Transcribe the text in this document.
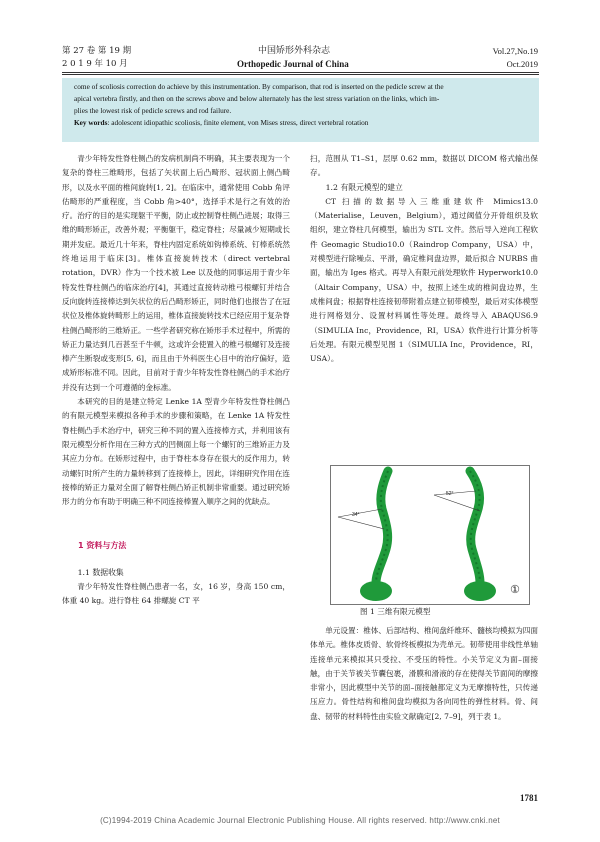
第 27 卷 第 19 期
2 0 1 9 年 10 月
中国矫形外科杂志
Orthopedic Journal of China
Vol.27,No.19
Oct.2019

come of scoliosis correction do achieve by this instrumentation. By comparison, that rod is inserted on the pedicle screw at the

apical vertebra firstly, and then on the screws above and below alternately has the lest stress variation on the links, which im-

plies the lowest risk of pedicle screws and rod failure.

Key words: adolescent idiopathic scoliosis, finite element, von Mises stress, direct vertebral rotation

青少年特发性脊柱侧凸的发病机制尚不明确，其主要表现为一个复杂的脊柱三维畸形，包括了矢状面上后凸畸形、冠状面上侧凸畸形，以及水平面的椎间旋转[1, 2]。在临床中，通常使用 Cobb 角评估畸形的严重程度，当 Cobb 角>40°，选择手术是行之有效的治疗。治疗的目的是实现躯干平衡，防止或控制脊柱侧凸进展；取得三维的畸形矫正，改善外观；平衡躯干，稳定脊柱；尽量减少短期或长期并发症。最近几十年来，脊柱内固定系统如钩棒系统、钉棒系统然终地运用于临床[3]。椎体直接旋转技术（direct vertebral rotation，DVR）作为一个技术被 Lee 以及他的同事运用于青少年特发性脊柱侧凸的临床治疗[4]，其通过直接转动椎弓根螺钉并结合反向旋转连接棒达到矢状位的后凸畸形矫正，同时他们也报告了在冠状位及椎体旋转畸形上的运用，椎体直接旋转技术已经应用于复杂脊柱侧凸畸形的三维矫正。一些学者研究称在矫形手术过程中，所需的矫正力量达到几百甚至千牛顿，这或许会使置入的椎弓根螺钉及连接棒产生断裂或变形[5, 6]，而且由于外科医生心目中的治疗偏好，造成矫形标准不同。因此，目前对于青少年特发性脊柱侧凸的手术治疗并没有达到一个可遵循的金标准。

本研究的目的是建立特定 Lenke 1A 型青少年特发性脊柱侧凸的有限元模型来模拟各种手术的步骤和策略，在 Lenke 1A 特发性脊柱侧凸手术治疗中，研究三种不同的置入连接棒方式，并利用该有限元模型分析作用在三种方式的凹侧面上每一个螺钉的三维矫正力及其应力分布。在矫形过程中，由于脊柱本身存在很大的反作用力，转动螺钉时所产生的力量转移到了连接棒上，因此，详细研究作用在连接棒的矫正力量对全面了解脊柱侧凸矫正机制非常重要。通过研究矫形力的分布有助于明确三种不同连接棒置入顺序之间的优缺点。

1 资料与方法

1.1 数据收集

青少年特发性脊柱侧凸患者一名，女，16 岁，身高 150 cm，体重 40 kg。进行脊柱 64 排螺旋 CT 平

扫，范围从 T1–S1，层厚 0.62 mm，数据以 DICOM 格式输出保存。

1.2 有限元模型的建立

CT 扫描的数据导入三维重建软件 Mimics13.0（Materialise，Leuven，Belgium），通过阈值分开骨组织及软组织，建立脊柱几何模型，输出为 STL 文件。然后导入逆向工程软件 Geomagic Studio10.0（Raindrop Company，USA）中，对模型进行除噪点、平滑，确定椎间盘边界，最后拟合 NURBS 曲面，输出为 Iges 格式。再导入有限元前处理软件 Hyperwork10.0（Altair Company，USA）中，按照上述生成的椎间盘边界，生成椎间盘；根据脊柱连接韧带附着点建立韧带模型，最后对实体模型进行网格划分、设置材料属性等处理。最终导入 ABAQUS6.9（SIMULIA Inc，Providence，RI，USA）软件进行计算分析等后处理。有限元模型见图 1（SIMULIA Inc，Providence，RI，USA）。

34°
52°
①
图 1 三维有限元模型

单元设置：椎体、后部结构、椎间盘纤维环、髓核均模拟为四面体单元。椎体皮质骨、软骨终板模拟为壳单元。韧带使用非线性单轴连接单元来模拟其只受拉、不受压的特性。小关节定义为面–面接触，由于关节被关节囊包裹，滑膜和滑液的存在使得关节面间的摩擦非常小，因此模型中关节的面–面接触都定义为无摩擦特性，只传递压应力。骨性结构和椎间盘均模拟为各向同性的弹性材料。骨、间盘、韧带的材料特性由实验文献确定[2, 7–9]，列于表 1。

1781
(C)1994-2019 China Academic Journal Electronic Publishing House. All rights reserved. http://www.cnki.net
